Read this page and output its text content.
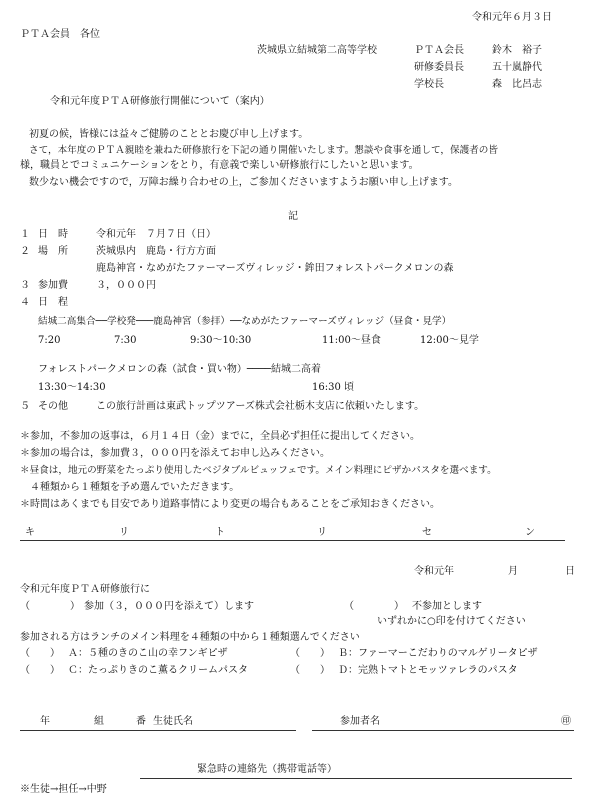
令和元年６月３日
ＰＴＡ会員　各位
茨城県立結城第二高等学校	ＰＴＡ会長	鈴木　裕子
研修委員長	五十嵐静代
学校長	森　比呂志
令和元年度ＰＴＡ研修旅行開催について（案内）
初夏の候，皆様には益々ご健勝のこととお慶び申し上げます。
さて，本年度のＰＴＡ親睦を兼ねた研修旅行を下記の通り開催いたします。懇談や食事を通して，保護者の皆
様，職員とでコミュニケーションをとり，有意義で楽しい研修旅行にしたいと思います。
数少ない機会ですので，万障お繰り合わせの上，ご参加くださいますようお願い申し上げます。
記
１ 日　時	令和元年　７月７日（日）
２ 場　所	茨城県内　鹿島・行方方面
鹿島神宮・なめがたファーマーズヴィレッジ・鉾田フォレストパークメロンの森
３ 参加費	３，０００円
４ 日　程
結城二高集合──学校発───鹿島神宮（参拝）──なめがたファーマーズヴィレッジ（昼食・見学）
7:20	7:30	9:30～10:30	11:00～昼食	12:00～見学
フォレストパークメロンの森（試食・買い物）────結城二高着
13:30～14:30	16:30 頃
５ その他	この旅行計画は東武トップツアーズ株式会社栃木支店に依頼いたします。
＊参加，不参加の返事は，６月１４日（金）までに，全員必ず担任に提出してください。
＊参加の場合は，参加費３，０００円を添えてお申し込みください。
＊昼食は，地元の野菜をたっぷり使用したベジタブルビュッフェです。メイン料理にピザかパスタを選べます。
　４種類から１種類を予め選んでいただきます。
＊時間はあくまでも目安であり道路事情により変更の場合もあることをご承知おきください。
キ	リ	ト	リ	セ	ン
令和元年	月	日
令和元年度ＰＴＡ研修旅行に
（　　　　） 参加（３，０００円を添えて）します	（　　　　） 不参加とします
いずれかに○印を付けてください
参加される方はランチのメイン料理を４種類の中から１種類選んでください
（　　） Ａ：５種のきのこ山の幸フンギピザ	（　　） Ｂ：ファーマーこだわりのマルゲリータピザ
（　　） Ｃ：たっぷりきのこ薫るクリームパスタ	（　　） Ｄ：完熟トマトとモッツァレラのパスタ
年	組	番 生徒氏名	参加者名	㊞
緊急時の連絡先（携帯電話等）
※生徒→担任→中野
